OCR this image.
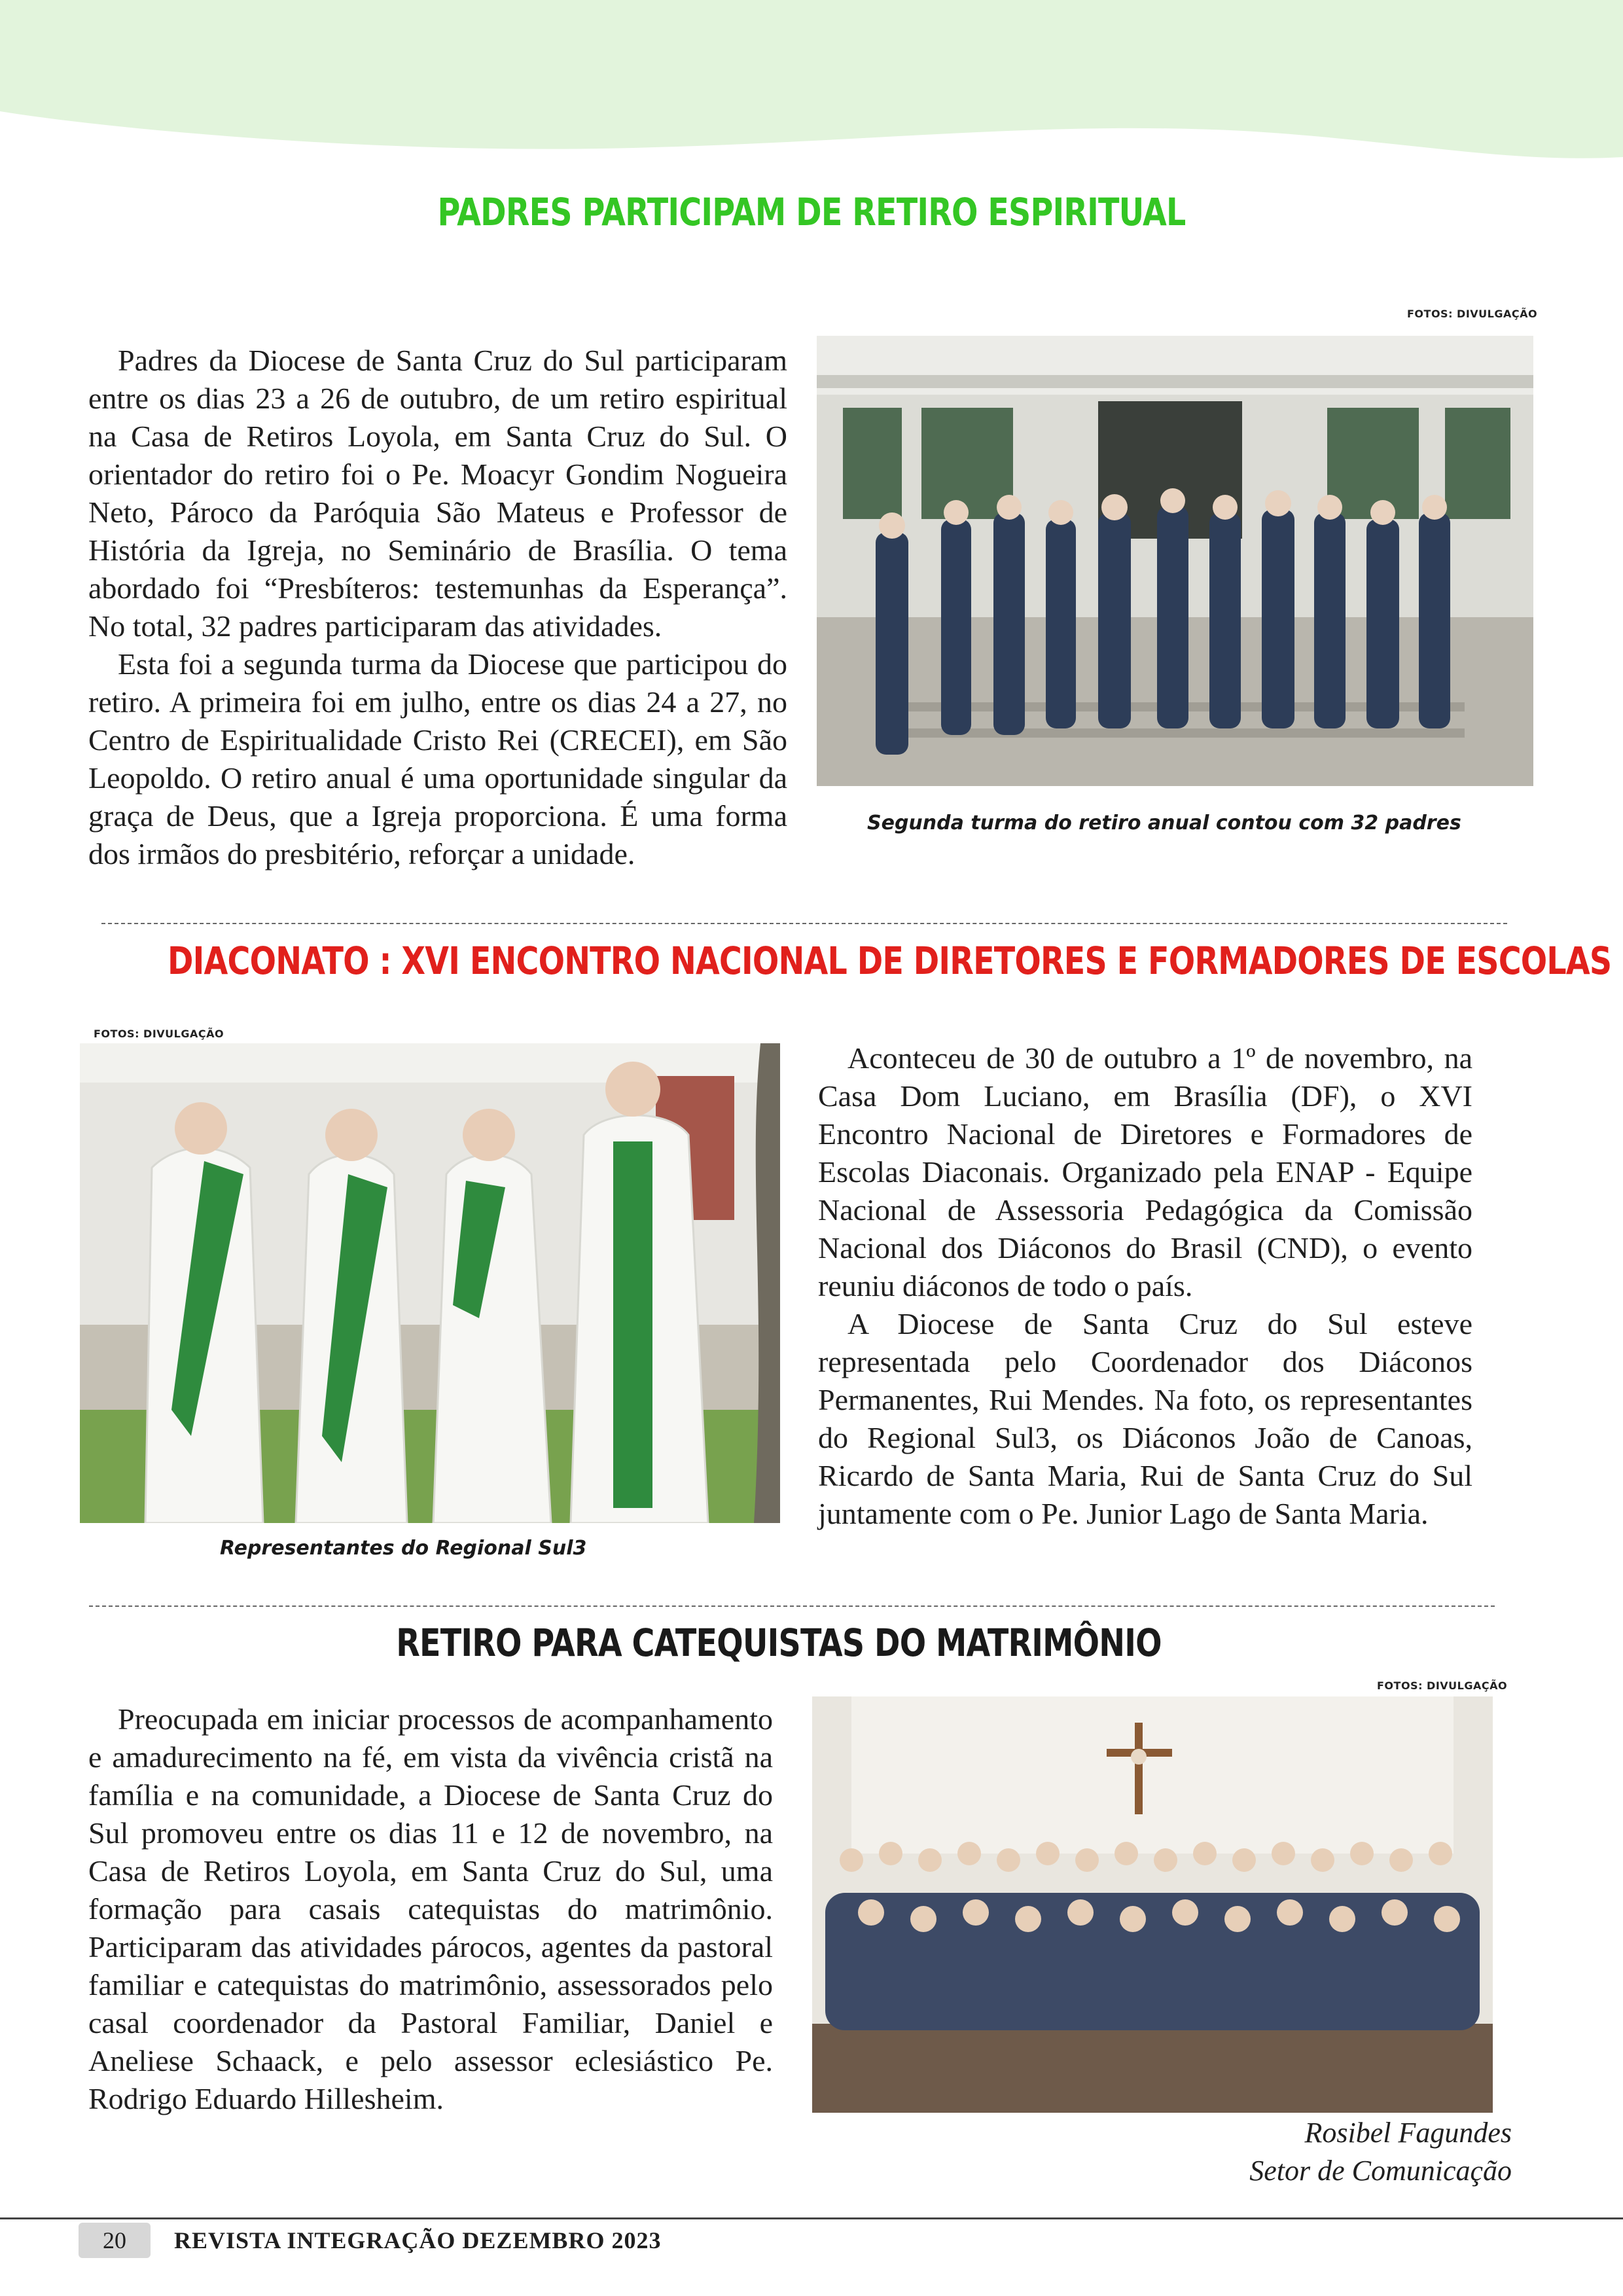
PADRES PARTICIPAM DE RETIRO ESPIRITUAL
FOTOS: DIVULGAÇÃO

Padres da Diocese de Santa Cruz do Sul participaram entre os dias 23 a 26 de outubro, de um retiro espiritual na Casa de Retiros Loyola, em Santa Cruz do Sul. O orientador do retiro foi o Pe. Moacyr Gondim Nogueira Neto, Pároco da Paróquia São Mateus e Professor de História da Igreja, no Seminário de Brasília. O tema abordado foi “Presbíteros: testemunhas da Esperança”. No total, 32 padres participaram das atividades.

Esta foi a segunda turma da Diocese que participou do retiro. A primeira foi em julho, entre os dias 24 a 27, no Centro de Espiritualidade Cristo Rei (CRECEI), em São Leopoldo. O retiro anual é uma oportunidade singular da graça de Deus, que a Igreja proporciona. É uma forma dos irmãos do presbitério, reforçar a unidade.

Segunda turma do retiro anual contou com 32 padres
DIACONATO : XVI ENCONTRO NACIONAL DE DIRETORES E FORMADORES DE ESCOLAS
FOTOS: DIVULGAÇÃO
Representantes do Regional Sul3

Aconteceu de 30 de outubro a 1º de novembro, na Casa Dom Luciano, em Brasília (DF), o XVI Encontro Nacional de Diretores e Formadores de Escolas Diaconais. Organizado pela ENAP - Equipe Nacional de Assessoria Pedagógica da Comissão Nacional dos Diáconos do Brasil (CND), o evento reuniu diáconos de todo o país.

A Diocese de Santa Cruz do Sul esteve representada pelo Coordenador dos Diáconos Permanentes, Rui Mendes. Na foto, os representantes do Regional Sul3, os Diáconos João de Canoas, Ricardo de Santa Maria, Rui de Santa Cruz do Sul juntamente com o Pe. Junior Lago de Santa Maria.

RETIRO PARA CATEQUISTAS DO MATRIMÔNIO
FOTOS: DIVULGAÇÃO

Preocupada em iniciar processos de acompanhamento e amadurecimento na fé, em vista da vivência cristã na família e na comunidade, a Diocese de Santa Cruz do Sul promoveu entre os dias 11 e 12 de novembro, na Casa de Retiros Loyola, em Santa Cruz do Sul, uma formação para casais catequistas do matrimônio. Participaram das atividades párocos, agentes da pastoral familiar e catequistas do matrimônio, assessorados pelo casal coordenador da Pastoral Familiar, Daniel e Aneliese Schaack, e pelo assessor eclesiástico Pe. Rodrigo Eduardo Hillesheim.

Rosibel Fagundes
Setor de Comunicação
20	REVISTA INTEGRAÇÃO DEZEMBRO 2023
